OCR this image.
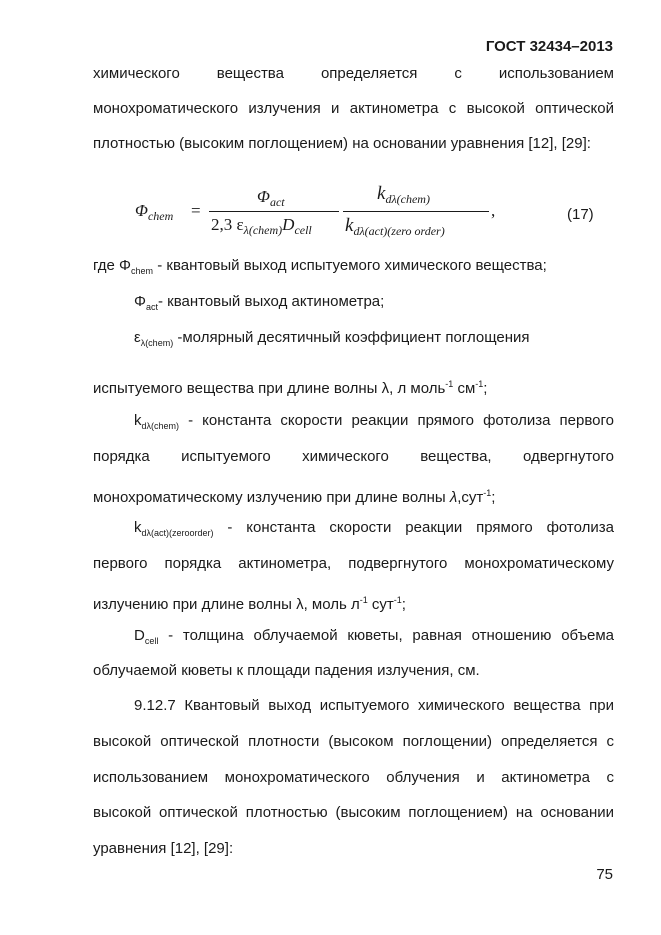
ГОСТ 32434–2013
химического вещества определяется с использованием
монохроматического излучения и актинометра с высокой оптической
плотностью (высоким поглощением) на основании уравнения [12], [29]:
$\Phi_{chem}$ =
$\Phi_{act}$
2,3 $\varepsilon_{\lambda(chem)}D_{cell}$
$k_{d\lambda(chem)}$
$k_{d\lambda(act)(zero order)}$
,	(17)
где $\Phi_{chem}$ - квантовый выход испытуемого химического вещества;
$\Phi_{act}-$ квантовый выход актинометра;
$\varepsilon_{\lambda(chem)}$ -молярный десятичный коэффициент поглощения
испытуемого вещества при длине волны λ, л моль$^{-1}$ $см^{-1}$;
$k_{d\lambda(chem)}$ - константа скорости реакции прямого фотолиза первого
порядка испытуемого химического вещества, одвергнутого
монохроматическому излучению при длине волны λ,сут$^{-1}$;
$k_{d\lambda(act)(zeroorder)}$ - константа скорости реакции прямого фотолиза
первого порядка актинометра, подвергнутого монохроматическому
излучению при длине волны λ, моль $л^{-1}$ сут$^{-1}$;
$D_{cell}$ - толщина облучаемой кюветы, равная отношению объема
облучаемой кюветы к площади падения излучения, см.
9.12.7 Квантовый выход испытуемого химического вещества при
высокой оптической плотности (высоком поглощении) определяется с
использованием монохроматического облучения и актинометра с
высокой оптической плотностью (высоким поглощением) на основании
уравнения [12], [29]:
75
